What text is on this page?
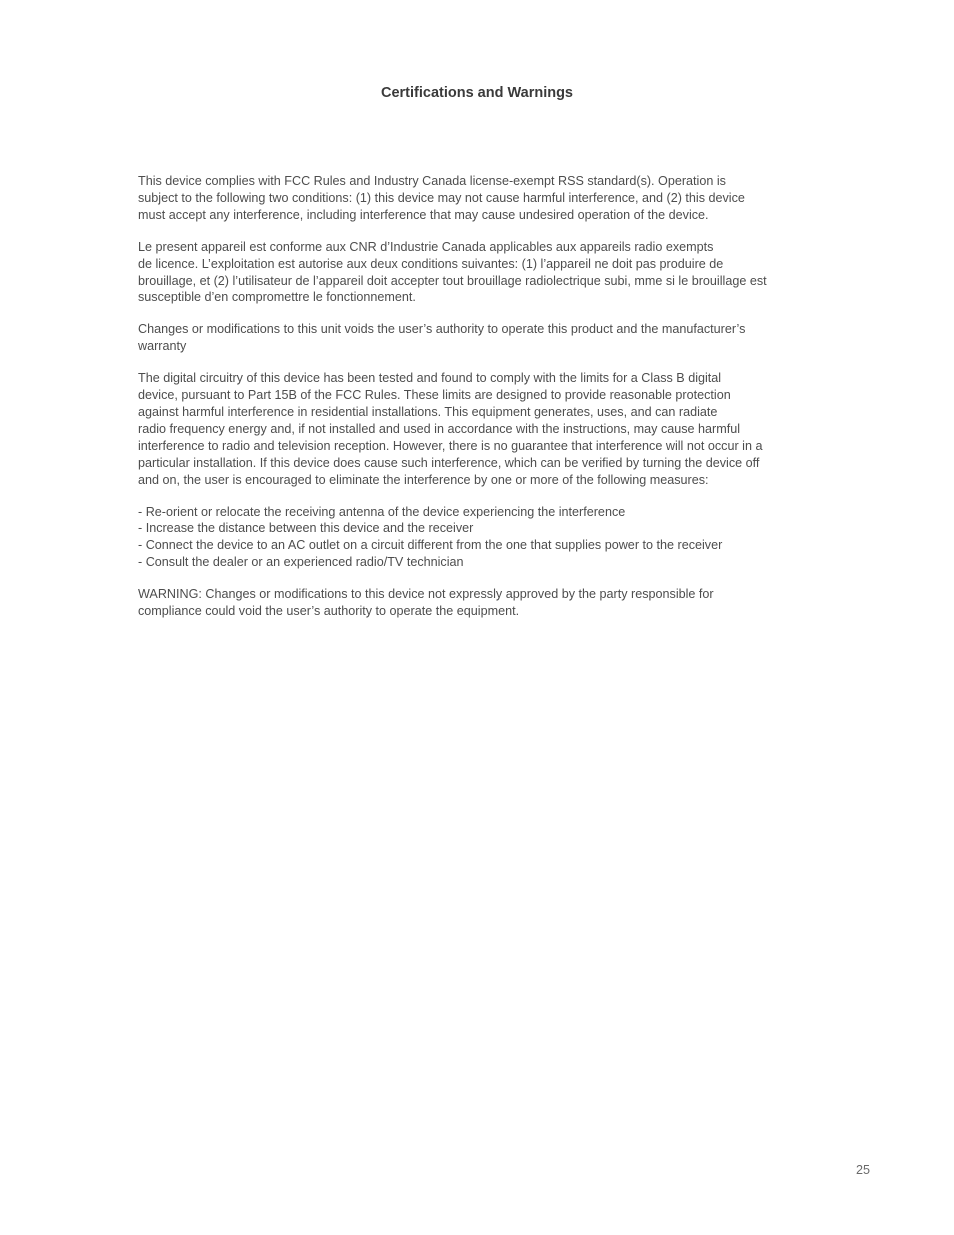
Certifications and Warnings

This device complies with FCC Rules and Industry Canada license-exempt RSS standard(s). Operation is
subject to the following two conditions: (1) this device may not cause harmful interference, and (2) this device
must accept any interference, including interference that may cause undesired operation of the device.

Le present appareil est conforme aux CNR d’Industrie Canada applicables aux appareils radio exempts
de licence. L’exploitation est autorise aux deux conditions suivantes: (1) l’appareil ne doit pas produire de
brouillage, et (2) l’utilisateur de l’appareil doit accepter tout brouillage radiolectrique subi, mme si le brouillage est
susceptible d’en compromettre le fonctionnement.

Changes or modifications to this unit voids the user’s authority to operate this product and the manufacturer’s
warranty

The digital circuitry of this device has been tested and found to comply with the limits for a Class B digital
device, pursuant to Part 15B of the FCC Rules. These limits are designed to provide reasonable protection
against harmful interference in residential installations. This equipment generates, uses, and can radiate
radio frequency energy and, if not installed and used in accordance with the instructions, may cause harmful
interference to radio and television reception. However, there is no guarantee that interference will not occur in a
particular installation. If this device does cause such interference, which can be verified by turning the device off
and on, the user is encouraged to eliminate the interference by one or more of the following measures:

- Re-orient or relocate the receiving antenna of the device experiencing the interference
- Increase the distance between this device and the receiver
- Connect the device to an AC outlet on a circuit different from the one that supplies power to the receiver
- Consult the dealer or an experienced radio/TV technician

WARNING: Changes or modifications to this device not expressly approved by the party responsible for
compliance could void the user’s authority to operate the equipment.

25
